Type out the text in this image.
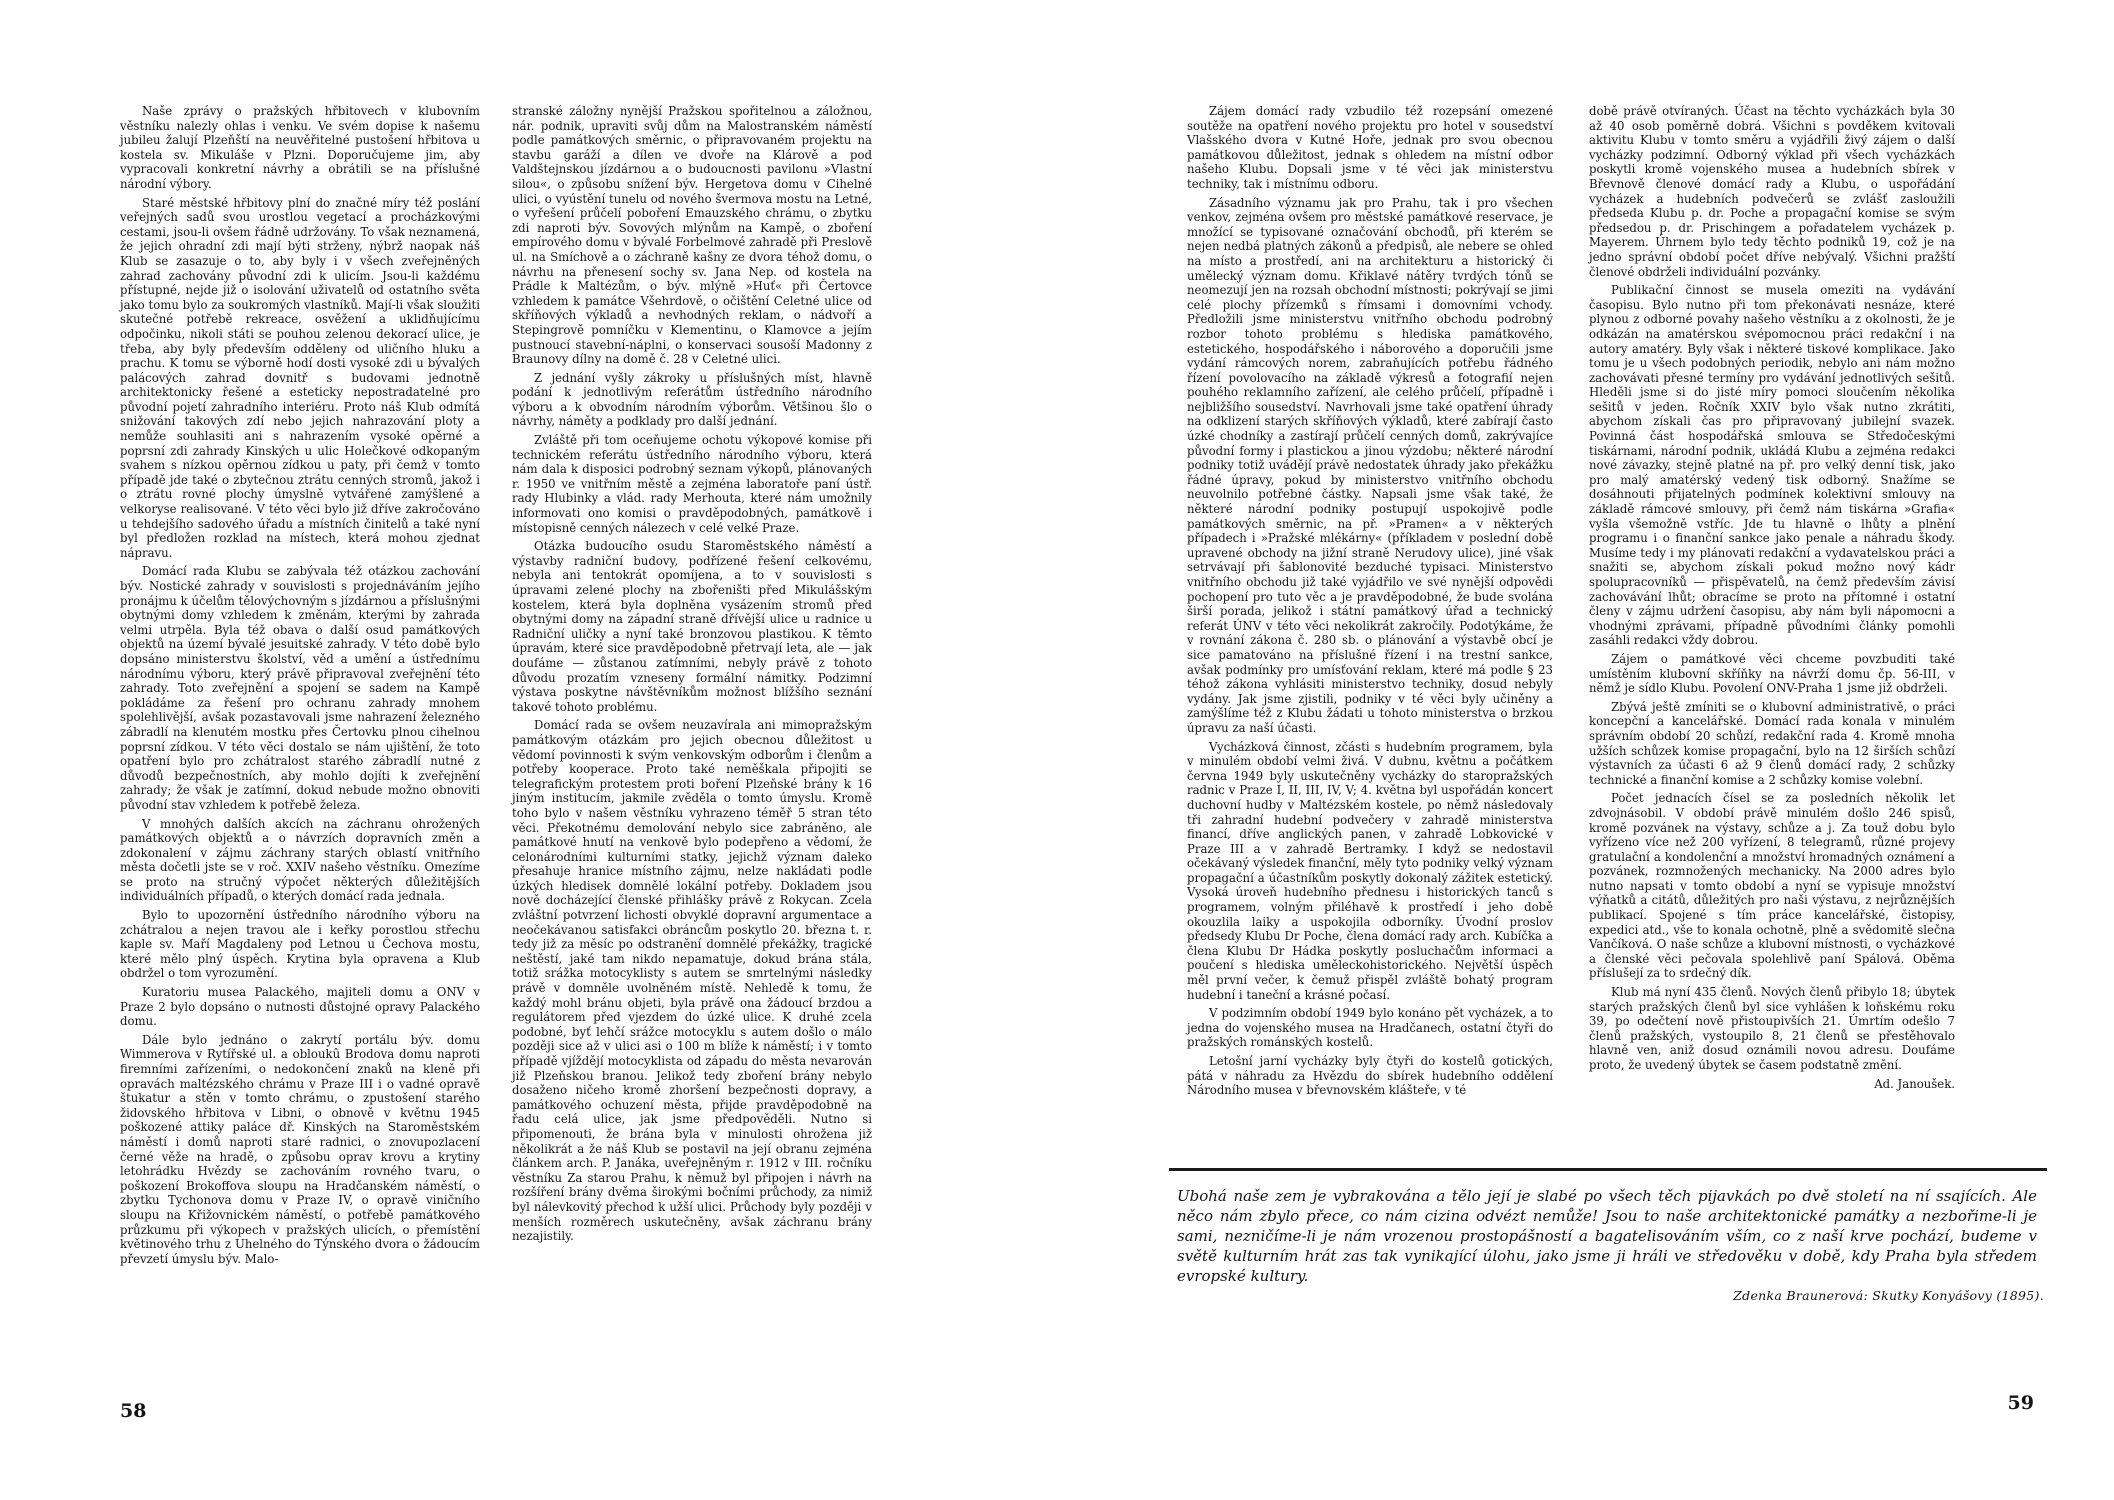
Naše zprávy o pražských hřbitovech v klubovním věstníku nalezly ohlas i venku. Ve svém dopise k našemu jubileu žalují Plzeňští na neuvěřitelné pustošení hřbitova u kostela sv. Mikuláše v Plzni. Doporučujeme jim, aby vypracovali konkretní návrhy a obrátili se na příslušné národní výbory.

Staré městské hřbitovy plní do značné míry též poslání veřejných sadů svou urostlou vegetací a procházkovými cestami, jsou-li ovšem řádně udržovány. To však neznamená, že jejich ohradní zdi mají býti strženy, nýbrž naopak náš Klub se zasazuje o to, aby byly i v všech zveřejněných zahrad zachovány původní zdi k ulicím. Jsou-li každému přístupné, nejde již o isolování uživatelů od ostatního světa jako tomu bylo za soukromých vlastníků. Mají-li však sloužiti skutečné potřebě rekreace, osvěžení a uklidňujícímu odpočinku, nikoli státi se pouhou zelenou dekorací ulice, je třeba, aby byly především odděleny od uličního hluku a prachu. K tomu se výborně hodí dosti vysoké zdi u bývalých palácových zahrad dovnitř s budovami jednotně architektonicky řešené a esteticky nepostradatelné pro původní pojetí zahradního interiéru. Proto náš Klub odmítá snižování takových zdí nebo jejich nahrazování ploty a nemůže souhlasiti ani s nahrazením vysoké opěrné a poprsní zdi zahrady Kinských u ulic Holečkové odkopaným svahem s nízkou opěrnou zídkou u paty, při čemž v tomto případě jde také o zbytečnou ztrátu cenných stromů, jakož i o ztrátu rovné plochy úmyslně vytvářené zamýšlené a velkoryse realisované. V této věci bylo již dříve zakročováno u tehdejšího sadového úřadu a místních činitelů a také nyní byl předložen rozklad na místech, která mohou zjednat nápravu.

Domácí rada Klubu se zabývala též otázkou zachování býv. Nostické zahrady v souvislosti s projednáváním jejího pronájmu k účelům tělovýchovným s jízdárnou a příslušnými obytnými domy vzhledem k změnám, kterými by zahrada velmi utrpěla. Byla též obava o další osud památkových objektů na území bývalé jesuitské zahrady. V této době bylo dopsáno ministerstvu školství, věd a umění a ústřednímu národnímu výboru, který právě připravoval zveřejnění této zahrady. Toto zveřejnění a spojení se sadem na Kampě pokládáme za řešení pro ochranu zahrady mnohem spolehlivější, avšak pozastavovali jsme nahrazení železného zábradlí na klenutém mostku přes Čertovku plnou cihelnou poprsní zídkou. V této věci dostalo se nám ujištění, že toto opatření bylo pro zchátralost starého zábradlí nutné z důvodů bezpečnostních, aby mohlo dojíti k zveřejnění zahrady; že však je zatímní, dokud nebude možno obnoviti původní stav vzhledem k potřebě železa.

V mnohých dalších akcích na záchranu ohrožených památkových objektů a o návrzích dopravních změn a zdokonalení v zájmu záchrany starých oblastí vnitřního města dočetli jste se v roč. XXIV našeho věstníku. Omezíme se proto na stručný výpočet některých důležitějších individuálních případů, o kterých domácí rada jednala.

Bylo to upozornění ústředního národního výboru na zchátralou a nejen travou ale i keřky porostlou střechu kaple sv. Maří Magdaleny pod Letnou u Čechova mostu, které mělo plný úspěch. Krytina byla opravena a Klub obdržel o tom vyrozumění.

Kuratoriu musea Palackého, majiteli domu a ONV v Praze 2 bylo dopsáno o nutnosti důstojné opravy Palackého domu.

Dále bylo jednáno o zakrytí portálu býv. domu Wimmerova v Rytířské ul. a obloukû Brodova domu naproti firemními zařízeními, o nedokončení znaků na kleně při opravách maltézského chrámu v Praze III i o vadné opravě štukatur a stěn v tomto chrámu, o zpustošení starého židovského hřbitova v Libni, o obnově v květnu 1945 poškozené attiky paláce dř. Kinských na Staroměstském náměstí i domů naproti staré radnici, o znovupozlacení černé věže na hradě, o způsobu oprav krovu a krytiny letohrádku Hvězdy se zachováním rovného tvaru, o poškození Brokoffova sloupu na Hradčanském náměstí, o zbytku Tychonova domu v Praze IV, o opravě viničního sloupu na Křižovnickém náměstí, o potřebě památkového průzkumu při výkopech v pražských ulicích, o přemístění květinového trhu z Uhelného do Týnského dvora o žádoucím převzetí úmyslu býv. Malo-

stranské záložny nynější Pražskou spořitelnou a záložnou, nár. podnik, upraviti svůj dům na Malostranském náměstí podle památkových směrnic, o připravovaném projektu na stavbu garáží a dílen ve dvoře na Klárově a pod Valdštejnskou jízdárnou a o budoucnosti pavilonu »Vlastní silou«, o způsobu snížení býv. Hergetova domu v Cihelné ulici, o vyústění tunelu od nového švermova mostu na Letné, o vyřešení průčelí poboření Emauzského chrámu, o zbytku zdi naproti býv. Sovových mlýnům na Kampě, o zboření empírového domu v bývalé Forbelmové zahradě při Preslově ul. na Smíchově a o záchraně kašny ze dvora téhož domu, o návrhu na přenesení sochy sv. Jana Nep. od kostela na Prádle k Maltézům, o býv. mlýně »Huť« při Čertovce vzhledem k památce Všehrdově, o očištění Celetné ulice od skříňových výkladů a nevhodných reklam, o nádvoří a Stepingrově pomníčku v Klementinu, o Klamovce a jejím pustnoucí stavební-náplni, o konservaci sousoší Madonny z Braunovy dílny na domě č. 28 v Celetné ulici.

Z jednání vyšly zákroky u příslušných míst, hlavně podání k jednotlivým referátům ústředního národního výboru a k obvodním národním výborům. Většinou šlo o návrhy, náměty a podklady pro další jednání.

Zvláště při tom oceňujeme ochotu výkopové komise při technickém referátu ústředního národního výboru, která nám dala k disposici podrobný seznam výkopů, plánovaných r. 1950 ve vnitřním městě a zejména laboratoře paní ústř. rady Hlubinky a vlád. rady Merhouta, které nám umožnily informovati ono komisi o pravděpodobných, památkově i místopisně cenných nálezech v celé velké Praze.

Otázka budoucího osudu Staroměstského náměstí a výstavby radniční budovy, podřízené řešení celkovému, nebyla ani tentokrát opomíjena, a to v souvislosti s úpravami zelené plochy na zbořeništi před Mikulášským kostelem, která byla doplněna vysázením stromů před obytnými domy na západní straně dřívější ulice u radnice u Radniční uličky a nyní také bronzovou plastikou. K těmto úpravám, které sice pravděpodobně přetrvají leta, ale — jak doufáme — zůstanou zatímními, nebyly právě z tohoto důvodu prozatím vzneseny formální námitky. Podzimní výstava poskytne návštěvníkům možnost blížšího seznání takové tohoto problému.

Domácí rada se ovšem neuzavírala ani mimopražským památkovým otázkám pro jejich obecnou důležitost u vědomí povinnosti k svým venkovským odborům i členům a potřeby kooperace. Proto také neměškala připojiti se telegrafickým protestem proti boření Plzeňské brány k 16 jiným institucím, jakmile zvěděla o tomto úmyslu. Kromě toho bylo v našem věstníku vyhrazeno téměř 5 stran této věci. Překotnému demolování nebylo sice zabráněno, ale památkové hnutí na venkově bylo podepřeno a vědomí, že celonárodními kulturními statky, jejichž význam daleko přesahuje hranice místního zájmu, nelze nakládati podle úzkých hledisek domnělé lokální potřeby. Dokladem jsou nově docházející členské přihlášky právě z Rokycan. Zcela zvláštní potvrzení lichosti obvyklé dopravní argumentace a neočekávanou satisfakci obráncům poskytlo 20. března t. r. tedy již za měsíc po odstranění domnělé překážky, tragické neštěstí, jaké tam nikdo nepamatuje, dokud brána stála, totiž srážka motocyklisty s autem se smrtelnými následky právě v domněle uvolněném místě. Nehledě k tomu, že každý mohl bránu objeti, byla právě ona žádoucí brzdou a regulátorem před vjezdem do úzké ulice. K druhé zcela podobné, byť lehčí srážce motocyklu s autem došlo o málo později sice až v ulici asi o 100 m blíže k náměstí; i v tomto případě vjíždějí motocyklista od západu do města nevarován již Plzeňskou branou. Jelikož tedy zboření brány nebylo dosaženo ničeho kromě zhoršení bezpečnosti dopravy, a památkového ochuzení města, přijde pravděpodobně na řadu celá ulice, jak jsme předpověděli. Nutno si připomenouti, že brána byla v minulosti ohrožena již několikrát a že náš Klub se postavil na její obranu zejména článkem arch. P. Janáka, uveřejněným r. 1912 v III. ročníku věstníku Za starou Prahu, k němuž byl připojen i návrh na rozšíření brány dvěma širokými bočními průchody, za nimiž byl nálevkovitý přechod k užší ulici. Průchody byly později v menších rozměrech uskutečněny, avšak záchranu brány nezajistily.

58

Zájem domácí rady vzbudilo též rozepsání omezené soutěže na opatření nového projektu pro hotel v sousedství Vlašského dvora v Kutné Hoře, jednak pro svou obecnou památkovou důležitost, jednak s ohledem na místní odbor našeho Klubu. Dopsali jsme v té věci jak ministerstvu techniky, tak i místnímu odboru.

Zásadního významu jak pro Prahu, tak i pro všechen venkov, zejména ovšem pro městské památkové reservace, je množící se typisované označování obchodů, při kterém se nejen nedbá platných zákonů a předpisů, ale nebere se ohled na místo a prostředí, ani na architekturu a historický či umělecký význam domu. Křiklavé nátěry tvrdých tónů se neomezují jen na rozsah obchodní místnosti; pokrývají se jimi celé plochy přízemků s římsami i domovními vchody. Předložili jsme ministerstvu vnitřního obchodu podrobný rozbor tohoto problému s hlediska památkového, estetického, hospodářského i náborového a doporučili jsme vydání rámcových norem, zabraňujících potřebu řádného řízení povolovacího na základě výkresů a fotografií nejen pouhého reklamního zařízení, ale celého průčelí, případně i nejbližšího sousedství. Navrhovali jsme také opatření úhrady na odklizení starých skříňových výkladů, které zabírají často úzké chodníky a zastírají průčelí cenných domů, zakrývajíce původní formy i plastickou a jinou výzdobu; některé národní podniky totiž uvádějí právě nedostatek úhrady jako překážku řádné úpravy, pokud by ministerstvo vnitřního obchodu neuvolnilo potřebné částky. Napsali jsme však také, že některé národní podniky postupují uspokojivě podle památkových směrnic, na př. »Pramen« a v některých případech i »Pražské mlékárny« (příkladem v poslední době upravené obchody na jižní straně Nerudovy ulice), jiné však setrvávají při šablonovité bezduché typisaci. Ministerstvo vnitřního obchodu již také vyjádřilo ve své nynější odpovědi pochopení pro tuto věc a je pravděpodobné, že bude svolána širší porada, jelikož i státní památkový úřad a technický referát ÚNV v této věci nekolikrát zakročily. Podotýkáme, že v rovnání zákona č. 280 sb. o plánování a výstavbě obcí je sice pamatováno na příslušné řízení i na trestní sankce, avšak podmínky pro umísťování reklam, které má podle § 23 téhož zákona vyhlásiti ministerstvo techniky, dosud nebyly vydány. Jak jsme zjistili, podniky v té věci byly učiněny a zamýšlíme též z Klubu žádati u tohoto ministerstva o brzkou úpravu za naší účasti.

Vycházková činnost, zčásti s hudebním programem, byla v minulém období velmi živá. V dubnu, květnu a počátkem června 1949 byly uskutečněny vycházky do staropražských radnic v Praze I, II, III, IV, V; 4. května byl uspořádán koncert duchovní hudby v Maltézském kostele, po němž následovaly tři zahradní hudební podvečery v zahradě ministerstva financí, dříve anglických panen, v zahradě Lobkovické v Praze III a v zahradě Bertramky. I když se nedostavil očekávaný výsledek finanční, měly tyto podniky velký význam propagační a účastníkům poskytly dokonalý zážitek estetický. Vysoká úroveň hudebního přednesu i historických tanců s programem, volným přiléhavě k prostředí i jeho době okouzlila laiky a uspokojila odborníky. Úvodní proslov předsedy Klubu Dr Poche, člena domácí rady arch. Kubíčka a člena Klubu Dr Hádka poskytly posluchačům informaci a poučení s hlediska uměleckohistorického. Největší úspěch měl první večer, k čemuž přispěl zvláště bohatý program hudební i taneční a krásné počasí.

V podzimním období 1949 bylo konáno pět vycházek, a to jedna do vojenského musea na Hradčanech, ostatní čtyři do pražských románských kostelů.

Letošní jarní vycházky byly čtyři do kostelů gotických, pátá v náhradu za Hvězdu do sbírek hudebního oddělení Národního musea v břevnovském klášteře, v té

době právě otvíraných. Účast na těchto vycházkách byla 30 až 40 osob poměrně dobrá. Všichni s povděkem kvitovali aktivitu Klubu v tomto směru a vyjádřili živý zájem o další vycházky podzimní. Odborný výklad při všech vycházkách poskytli kromě vojenského musea a hudebních sbírek v Břevnově členové domácí rady a Klubu, o uspořádání vycházek a hudebních podvečerů se zvlášť zasloužili předseda Klubu p. dr. Poche a propagační komise se svým předsedou p. dr. Prischingem a pořadatelem vycházek p. Mayerem. Úhrnem bylo tedy těchto podniků 19, což je na jedno správní období počet dříve nebývalý. Všichni pražští členové obdrželi individuální pozvánky.

Publikační činnost se musela omeziti na vydávání časopisu. Bylo nutno při tom překonávati nesnáze, které plynou z odborné povahy našeho věstníku a z okolnosti, že je odkázán na amatérskou svépomocnou práci redakční i na autory amatéry. Byly však i některé tiskové komplikace. Jako tomu je u všech podobných periodik, nebylo ani nám možno zachovávati přesné termíny pro vydávání jednotlivých sešitů. Hleděli jsme si do jisté míry pomoci sloučením několika sešitů v jeden. Ročník XXIV bylo však nutno zkrátiti, abychom získali čas pro připravovaný jubilejní svazek. Povinná část hospodářská smlouva se Středočeskými tiskárnami, národní podnik, ukládá Klubu a zejména redakci nové závazky, stejně platné na př. pro velký denní tisk, jako pro malý amatérský vedený tisk odborný. Snažíme se dosáhnouti přijatelných podmínek kolektivní smlouvy na základě rámcové smlouvy, při čemž nám tiskárna »Grafia« vyšla všemožně vstříc. Jde tu hlavně o lhůty a plnění programu i o finanční sankce jako penale a náhradu škody. Musíme tedy i my plánovati redakční a vydavatelskou práci a snažiti se, abychom získali pokud možno nový kádr spolupracovníků — přispěvatelů, na čemž především závisí zachovávání lhůt; obracíme se proto na přítomné i ostatní členy v zájmu udržení časopisu, aby nám byli nápomocni a vhodnými zprávami, případně původními články pomohli zasáhli redakci vždy dobrou.

Zájem o památkové věci chceme povzbuditi také umístěním klubovní skříňky na návrží domu čp. 56-III, v němž je sídlo Klubu. Povolení ONV-Praha 1 jsme již obdrželi.

Zbývá ještě zmíniti se o klubovní administrativě, o práci koncepční a kancelářské. Domácí rada konala v minulém správním období 20 schůzí, redakční rada 4. Kromě mnoha užších schůzek komise propagační, bylo na 12 širších schůzí výstavních za účasti 6 až 9 členů domácí rady, 2 schůzky technické a finanční komise a 2 schůzky komise volební.

Počet jednacích čísel se za posledních několik let zdvojnásobil. V období právě minulém došlo 246 spisů, kromě pozvánek na výstavy, schůze a j. Za touž dobu bylo vyřízeno více než 200 vyřízení, 8 telegramů, různé projevy gratulační a kondolenční a množství hromadných oznámení a pozvánek, rozmnožených mechanicky. Na 2000 adres bylo nutno napsati v tomto období a nyní se vypisuje množství výňatků a citátů, důležitých pro naši výstavu, z nejrůznějších publikací. Spojené s tím práce kancelářské, čistopisy, expedici atd., vše to konala ochotně, plně a svědomitě slečna Vančíková. O naše schůze a klubovní místnosti, o vycházkové a členské věci pečovala spolehlivě paní Spálová. Oběma příslušejí za to srdečný dík.

Klub má nyní 435 členů. Nových členů přibylo 18; úbytek starých pražských členů byl sice vyhlášen k loňskému roku 39, po odečtení nově přistoupivších 21. Úmrtím odešlo 7 členů pražských, vystoupilo 8, 21 členů se přestěhovalo hlavně ven, aniž dosud oznámili novou adresu. Doufáme proto, že uvedený úbytek se časem podstatně změní.

Ad. Janoušek.

Ubohá naše zem je vybrakována a tělo její je slabé po všech těch pijavkách po dvě století na ní ssajících. Ale něco nám zbylo přece, co nám cizina odvézt nemůže! Jsou to naše architektonické památky a nezbořime-li je sami, nezničíme-li je nám vrozenou prostopášností a bagatelisováním vším, co z naší krve pochází, budeme v světě kulturním hrát zas tak vynikající úlohu, jako jsme ji hráli ve středověku v době, kdy Praha byla středem evropské kultury.
Zdenka Braunerová: Skutky Konyášovy (1895).
59
